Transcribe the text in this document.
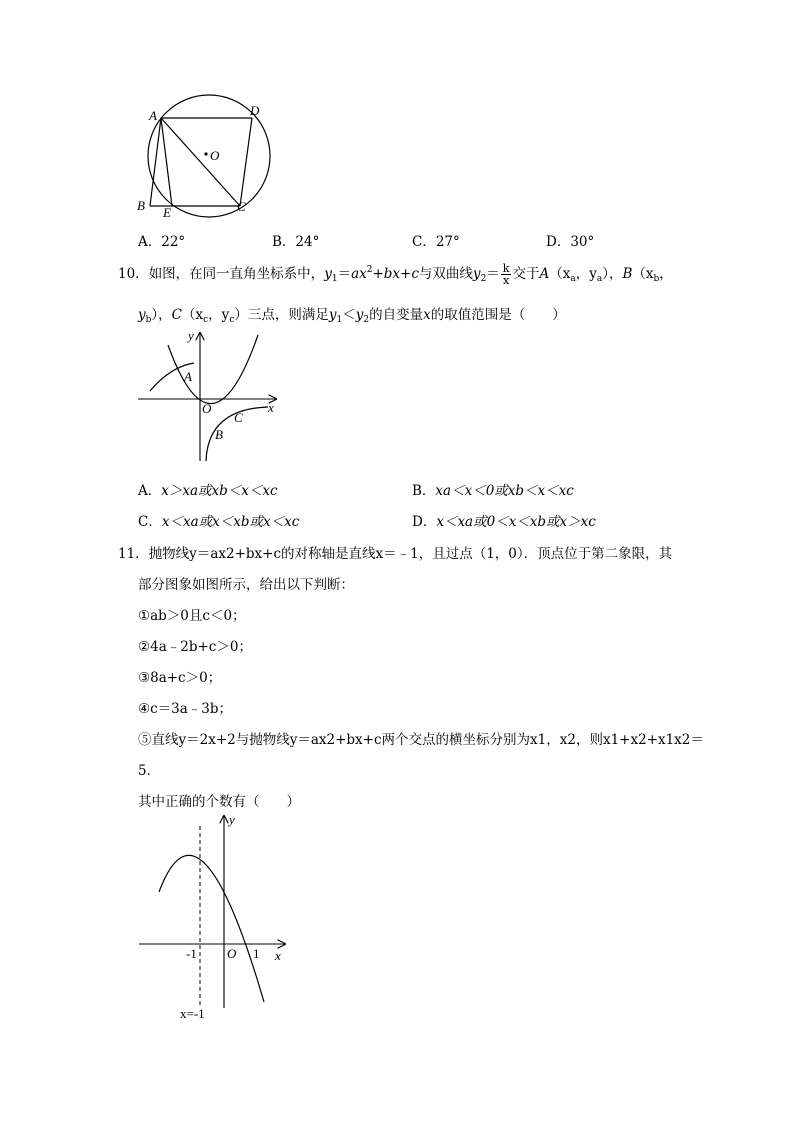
A	D
O
B E	C
A．22°	B．24°	C．27°	D．30°
10．如图，在同一直角坐标系中，$y_1=ax^2+bx+c$与双曲线$y_2= \frac{k}{x}$ 交于$A(x_a$，$y_a$），$B(x_b$，
$y_b$），$C(x_c$，$y_c$）三点，则满足$y_1<y_2$的自变量x的取值范围是（　　）
y
A
O
C
x
B
A．x＞xa或xb＜x＜xc	B．xa＜x＜0或xb＜x＜xc
C．x＜xa或x＜xb或x＜xc	D．x＜xa或0＜x＜xb或x＞xc
11．抛物线y＝ax2+bx+c的对称轴是直线x＝﹣1，且过点（1，0）．顶点位于第二象限，其
部分图象如图所示，给出以下判断：
①ab＞0且c＜0；
②4a﹣2b+c＞0；
③8a+c＞0；
④c＝3a﹣3b；
⑤直线y＝2x+2与抛物线y＝ax2+bx+c两个交点的横坐标分别为x1，x2，则x1+x2+x1x2＝
5．
其中正确的个数有（　　）
y
-1 O 1 x
x=-1
